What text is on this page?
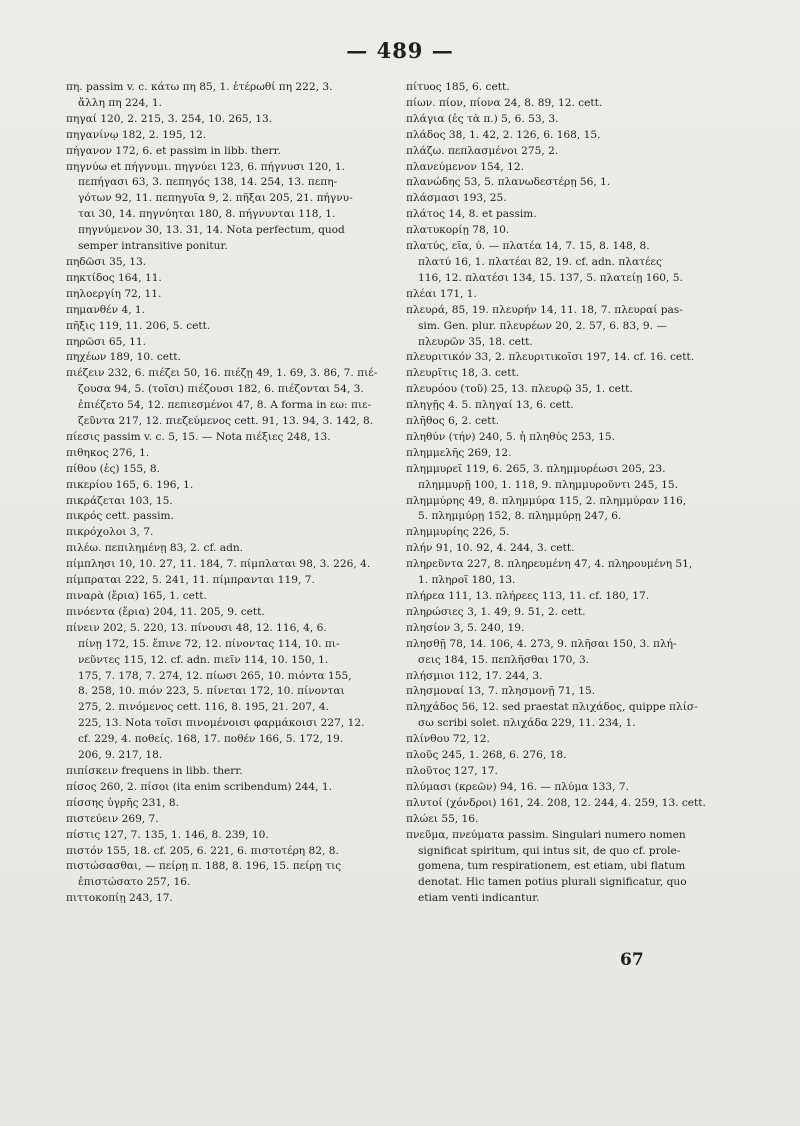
— 489 —
πη. passim v. c. κάτω πη 85, 1. ἑτέρωθί πη 222, 3.
ἄλλη πη 224, 1.
πηγαί 120, 2. 215, 3. 254, 10. 265, 13.
πηγανίνῳ 182, 2. 195, 12.
πήγανον 172, 6. et passim in libb. therr.
πηγνύω et πήγνυμι. πηγνύει 123, 6. πήγνυσι 120, 1.
πεπήγασι 63, 3. πεπηγός 138, 14. 254, 13. πεπη-
γότων 92, 11. πεπηγυῖα 9, 2. πῆξαι 205, 21. πήγνυ-
ται 30, 14. πηγνύηται 180, 8. πήγνυνται 118, 1.
πηγνύμενον 30, 13. 31, 14. Nota perfectum, quod
semper intransitive ponitur.
πηδῶσι 35, 13.
πηκτίδος 164, 11.
πηλοεργίη 72, 11.
πημανθέν 4, 1.
πῆξις 119, 11. 206, 5. cett.
πηρῶσι 65, 11.
πηχέων 189, 10. cett.
πιέζειν 232, 6. πιέζει 50, 16. πιέζῃ 49, 1. 69, 3. 86, 7. πιέ-
ζουσα 94, 5. (τοῖσι) πιέζουσι 182, 6. πιέζονται 54, 3.
ἐπιέζετο 54, 12. πεπιεσμένοι 47, 8. A forma in εω: πιε-
ζεῦντα 217, 12. πιεζεύμενος cett. 91, 13. 94, 3. 142, 8.
πίεσις passim v. c. 5, 15. — Nota πιέξιες 248, 13.
πιθηκος 276, 1.
πίθου (ἐς) 155, 8.
πικερίου 165, 6. 196, 1.
πικράζεται 103, 15.
πικρός cett. passim.
πικρόχολοι 3, 7.
πιλέω. πεπιλημένῃ 83, 2. cf. adn.
πίμπλησι 10, 10. 27, 11. 184, 7. πίμπλαται 98, 3. 226, 4.
πίμπραται 222, 5. 241, 11. πίμπρανται 119, 7.
πιναρὰ (ἔρια) 165, 1. cett.
πινόεντα (ἔρια) 204, 11. 205, 9. cett.
πίνειν 202, 5. 220, 13. πίνουσι 48, 12. 116, 4, 6.
πίνῃ 172, 15. ἔπινε 72, 12. πίνοντας 114, 10. πι-
νεῦντες 115, 12. cf. adn. πιεῖν 114, 10. 150, 1.
175, 7. 178, 7. 274, 12. πίωσι 265, 10. πιόντα 155,
8. 258, 10. πιόν 223, 5. πίνεται 172, 10. πίνονται
275, 2. πινόμενος cett. 116, 8. 195, 21. 207, 4.
225, 13. Nota τοῖσι πινομένοισι φαρμάκοισι 227, 12.
cf. 229, 4. ποθείς. 168, 17. ποθέν 166, 5. 172, 19.
206, 9. 217, 18.
πιπίσκειν frequens in libb. therr.
πίσος 260, 2. πίσοι (ita enim scribendum) 244, 1.
πίσσης ὑγρῆς 231, 8.
πιστεύειν 269, 7.
πίστις 127, 7. 135, 1. 146, 8. 239, 10.
πιστόν 155, 18. cf. 205, 6. 221, 6. πιστοτέρη 82, 8.
πιστώσασθαι, — πείρῃ π. 188, 8. 196, 15. πείρῃ τις
ἐπιστώσατο 257, 16.
πιττοκοπίῃ 243, 17.
πίτυος 185, 6. cett.
πίων. πίον, πίονα 24, 8. 89, 12. cett.
πλάγια (ἐς τὰ π.) 5, 6. 53, 3.
πλάδος 38, 1. 42, 2. 126, 6. 168, 15.
πλάζω. πεπλασμένοι 275, 2.
πλανεύμενον 154, 12.
πλανώδης 53, 5. πλανωδεστέρῃ 56, 1.
πλάσμασι 193, 25.
πλάτος 14, 8. et passim.
πλατυκορίῃ 78, 10.
πλατύς, εῖα, ύ. — πλατέα 14, 7. 15, 8. 148, 8.
πλατύ 16, 1. πλατέαι 82, 19. cf. adn. πλατέες
116, 12. πλατέσι 134, 15. 137, 5. πλατείῃ 160, 5.
πλέαι 171, 1.
πλευρά, 85, 19. πλευρήν 14, 11. 18, 7. πλευραί pas-
sim. Gen. plur. πλευρέων 20, 2. 57, 6. 83, 9. —
πλευρῶν 35, 18. cett.
πλευριτικόν 33, 2. πλευριτικοῖσι 197, 14. cf. 16. cett.
πλευρῖτις 18, 3. cett.
πλευρόου (τοῦ) 25, 13. πλευρῷ 35, 1. cett.
πληγῇς 4. 5. πληγαί 13, 6. cett.
πλῆθος 6, 2. cett.
πληθύν (τήν) 240, 5. ἡ πληθύς 253, 15.
πλημμελῆς 269, 12.
πλημμυρεῖ 119, 6. 265, 3. πλημμυρέωσι 205, 23.
πλημμυρῇ 100, 1. 118, 9. πλημμυροῦντι 245, 15.
πλημμύρης 49, 8. πλημμύρα 115, 2. πλημμύραν 116,
5. πλημμύρῃ 152, 8. πλημμύρῃ 247, 6.
πλημμυρίης 226, 5.
πλήν 91, 10. 92, 4. 244, 3. cett.
πληρεῦντα 227, 8. πληρευμένη 47, 4. πληρουμένη 51,
1. πληροῖ 180, 13.
πλήρεα 111, 13. πλήρεες 113, 11. cf. 180, 17.
πληρώσιες 3, 1. 49, 9. 51, 2. cett.
πλησίον 3, 5. 240, 19.
πλησθῇ 78, 14. 106, 4. 273, 9. πλῆσαι 150, 3. πλή-
σεις 184, 15. πεπλῆσθαι 170, 3.
πλήσμιοι 112, 17. 244, 3.
πλησμοναί 13, 7. πλησμονῇ 71, 15.
πληχάδος 56, 12. sed praestat πλιχάδος, quippe πλίσ-
σω scribi solet. πλιχάδα 229, 11. 234, 1.
πλίνθου 72, 12.
πλοῦς 245, 1. 268, 6. 276, 18.
πλοῦτος 127, 17.
πλύμασι (κρεῶν) 94, 16. — πλύμα 133, 7.
πλυτοί (χόνδροι) 161, 24. 208, 12. 244, 4. 259, 13. cett.
πλώει 55, 16.
πνεῦμα, πνεύματα passim. Singulari numero nomen
significat spiritum, qui intus sit, de quo cf. prole-
gomena, tum respirationem, est etiam, ubi flatum
denotat. Hic tamen potius plurali significatur, quo
etiam venti indicantur.
67
